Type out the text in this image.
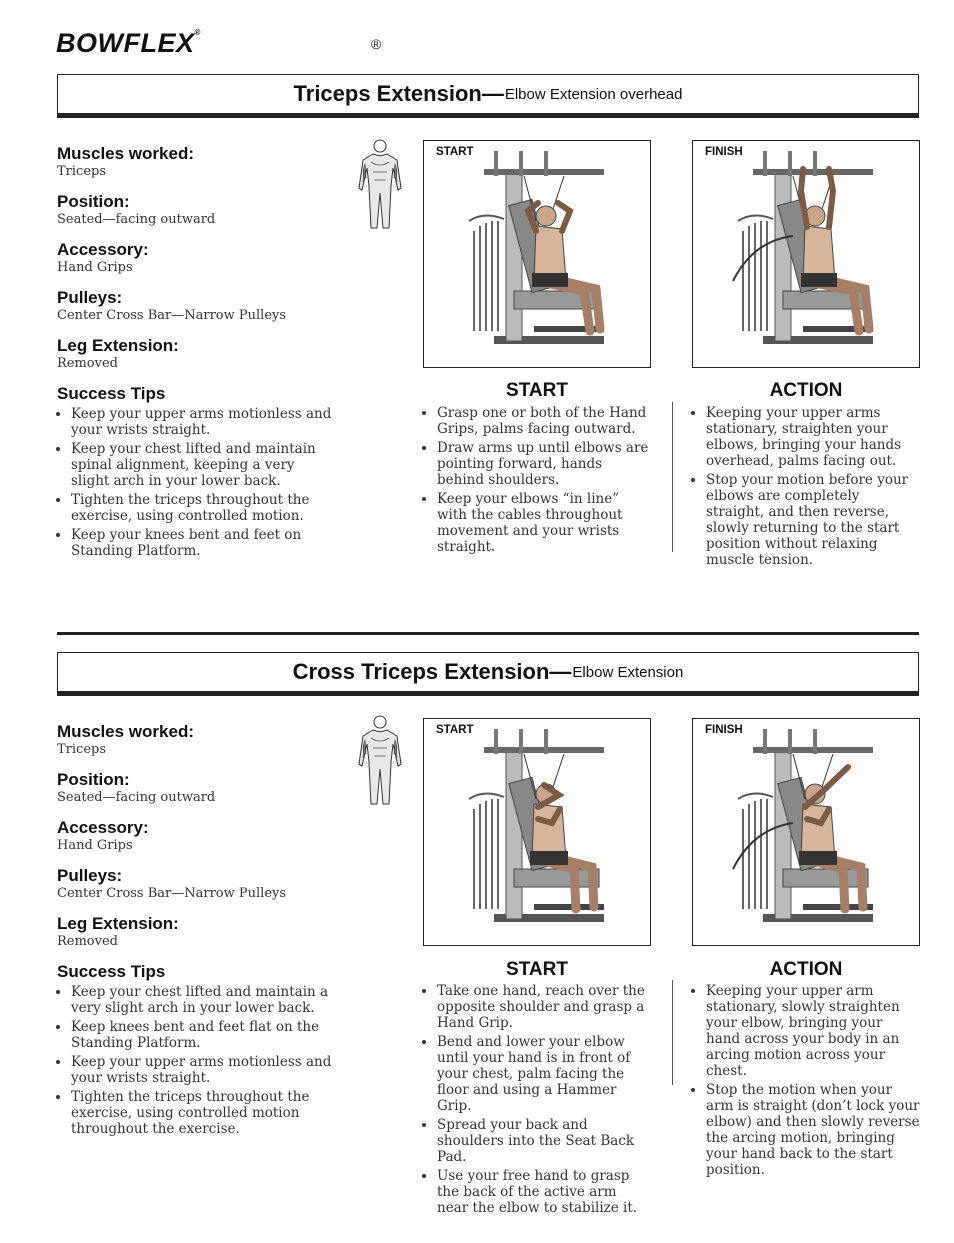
BOWFLEX®
®
Triceps Extension— Elbow Extension overhead

Muscles worked:

Triceps

Position:

Seated—facing outward

Accessory:

Hand Grips

Pulleys:

Center Cross Bar—Narrow Pulleys

Leg Extension:

Removed

Success Tips

• Keep your upper arms motionless and your wrists straight.
• Keep your chest lifted and maintain spinal alignment, keeping a very slight arch in your lower back.
• Tighten the triceps throughout the exercise, using controlled motion.
• Keep your knees bent and feet on Standing Platform.
START	FINISH
START
• Grasp one or both of the Hand Grips, palms facing outward.
• Draw arms up until elbows are pointing forward, hands behind shoulders.
• Keep your elbows “in line” with the cables throughout movement and your wrists straight.
ACTION
• Keeping your upper arms stationary, straighten your elbows, bringing your hands overhead, palms facing out.
• Stop your motion before your elbows are completely straight, and then reverse, slowly returning to the start position without relaxing muscle tension.
Cross Triceps Extension— Elbow Extension

Muscles worked:

Triceps

Position:

Seated—facing outward

Accessory:

Hand Grips

Pulleys:

Center Cross Bar—Narrow Pulleys

Leg Extension:

Removed

Success Tips

• Keep your chest lifted and maintain a very slight arch in your lower back.
• Keep knees bent and feet flat on the Standing Platform.
• Keep your upper arms motionless and your wrists straight.
• Tighten the triceps throughout the exercise, using controlled motion throughout the exercise.
START	FINISH
START
• Take one hand, reach over the opposite shoulder and grasp a Hand Grip.
• Bend and lower your elbow until your hand is in front of your chest, palm facing the floor and using a Hammer Grip.
• Spread your back and shoulders into the Seat Back Pad.
• Use your free hand to grasp the back of the active arm near the elbow to stabilize it.
ACTION
• Keeping your upper arm stationary, slowly straighten your elbow, bringing your hand across your body in an arcing motion across your chest.
• Stop the motion when your arm is straight (don’t lock your elbow) and then slowly reverse the arcing motion, bringing your hand back to the start position.
